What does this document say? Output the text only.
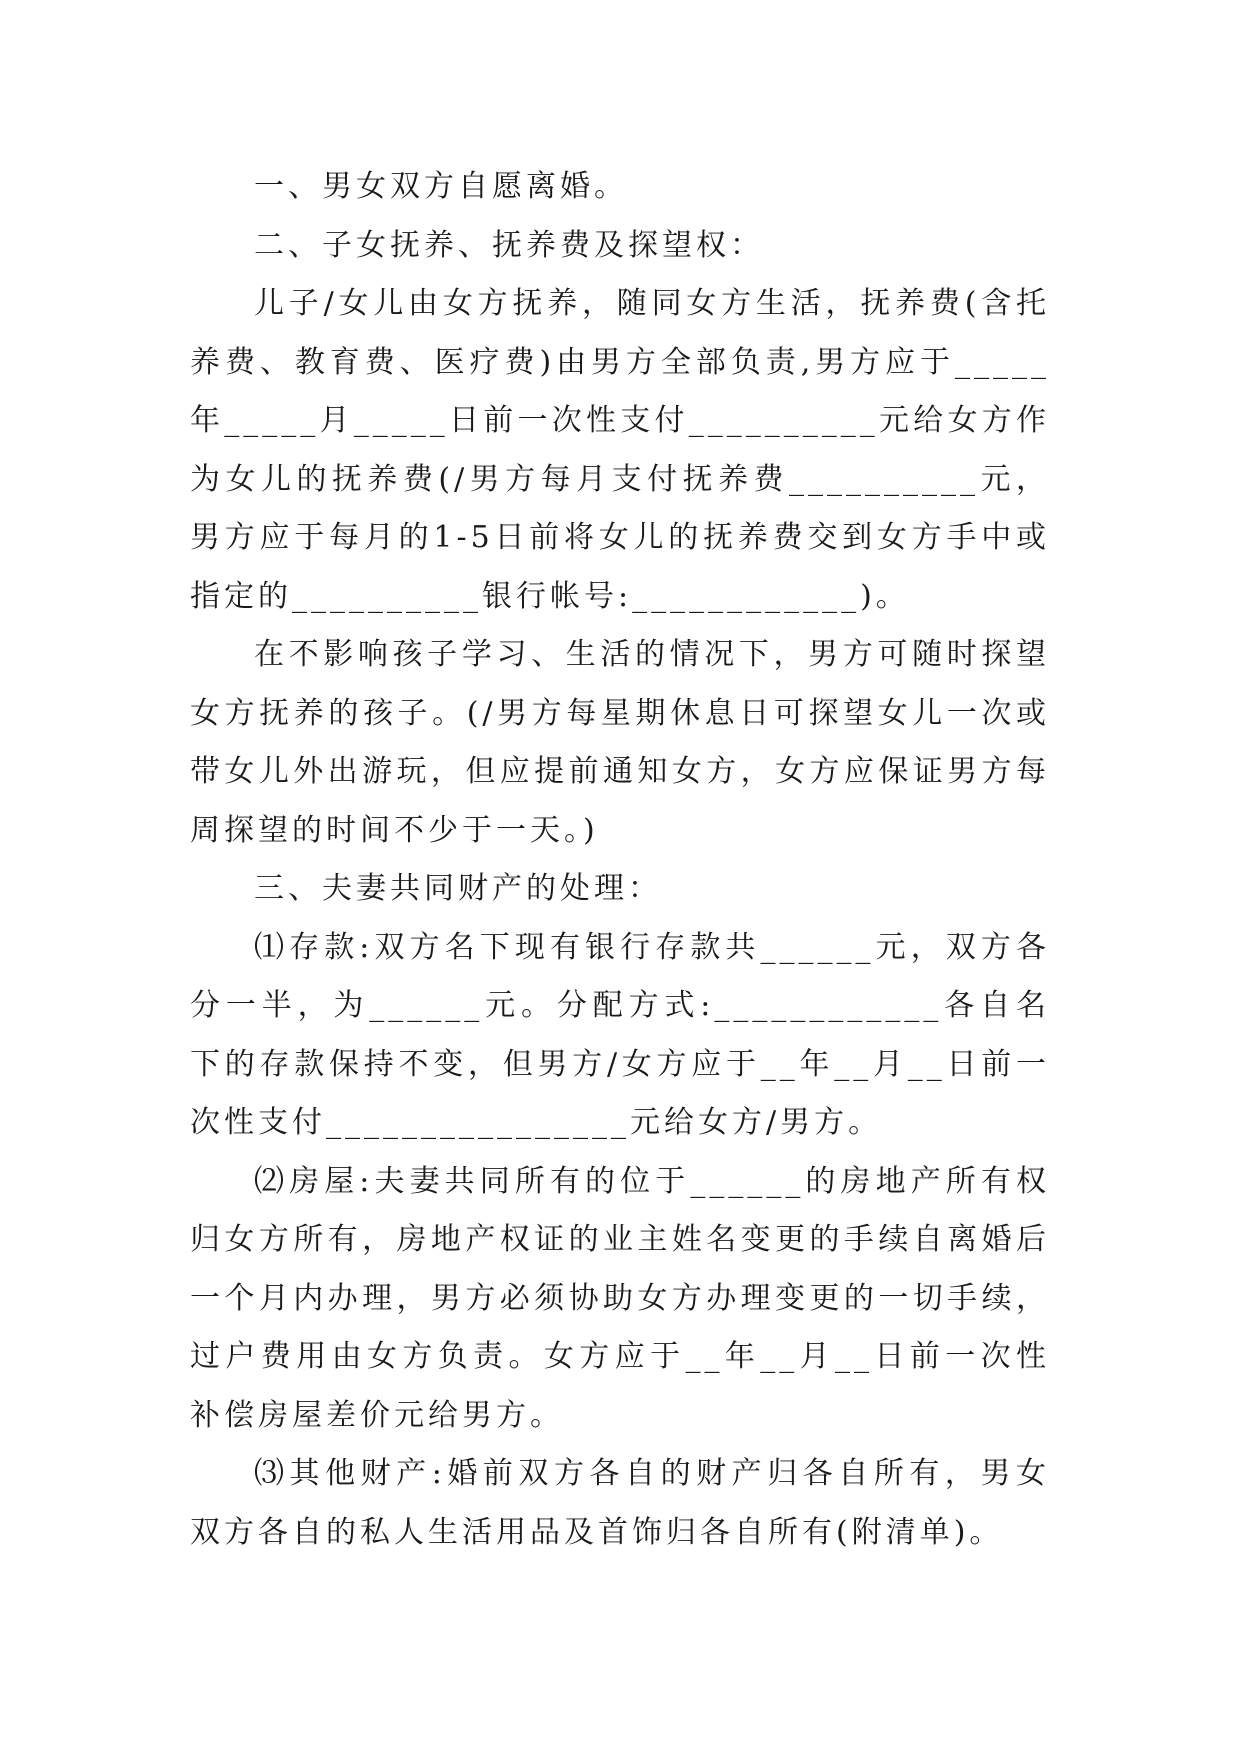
一、男女双方自愿离婚。

二、子女抚养、抚养费及探望权：

儿子/女儿由女方抚养，随同女方生活，抚养费(含托养费、教育费、医疗费)由男方全部负责,男方应于_____年_____月_____日前一次性支付__________元给女方作为女儿的抚养费(/男方每月支付抚养费__________元，男方应于每月的1-5日前将女儿的抚养费交到女方手中或指定的__________银行帐号:____________)。

在不影响孩子学习、生活的情况下，男方可随时探望女方抚养的孩子。(/男方每星期休息日可探望女儿一次或带女儿外出游玩，但应提前通知女方，女方应保证男方每周探望的时间不少于一天。)

三、夫妻共同财产的处理：

⑴存款:双方名下现有银行存款共______元，双方各分一半，为______元。分配方式:____________各自名下的存款保持不变，但男方/女方应于__年__月__日前一次性支付________________元给女方/男方。

⑵房屋:夫妻共同所有的位于______的房地产所有权归女方所有，房地产权证的业主姓名变更的手续自离婚后一个月内办理，男方必须协助女方办理变更的一切手续，过户费用由女方负责。女方应于__年__月__日前一次性补偿房屋差价元给男方。

⑶其他财产:婚前双方各自的财产归各自所有，男女双方各自的私人生活用品及首饰归各自所有(附清单)。
